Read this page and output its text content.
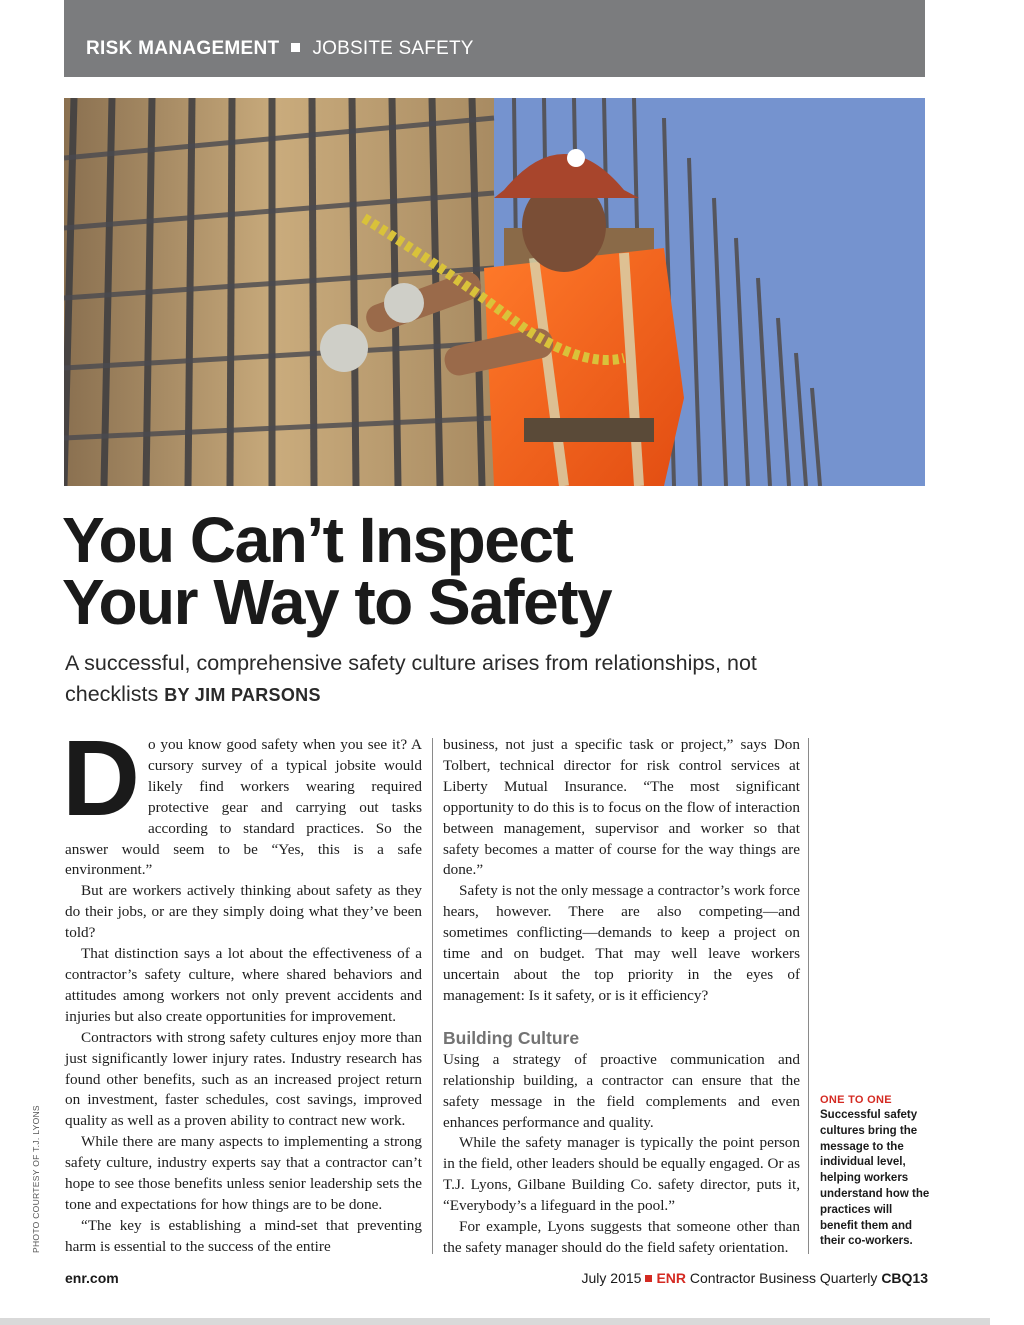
RISK MANAGEMENT JOBSITE SAFETY
You Can’t Inspect
Your Way to Safety

A successful, comprehensive safety culture arises from relationships, not checklists BY JIM PARSONS

Do you know good safety when you see it? A cursory survey of a typical jobsite would likely find workers wearing required protective gear and carrying out tasks according to standard practices. So the answer would seem to be “Yes, this is a safe environment.”

But are workers actively thinking about safety as they do their jobs, or are they simply doing what they’ve been told?

That distinction says a lot about the effectiveness of a contractor’s safety culture, where shared behaviors and attitudes among workers not only prevent accidents and injuries but also create opportunities for improvement.

Contractors with strong safety cultures enjoy more than just significantly lower injury rates. Industry research has found other benefits, such as an increased project return on investment, faster schedules, cost savings, improved quality as well as a proven ability to contract new work.

While there are many aspects to implementing a strong safety culture, industry experts say that a contractor can’t hope to see those benefits unless senior leadership sets the tone and expectations for how things are to be done.

“The key is establishing a mind-set that preventing harm is essential to the success of the entire

business, not just a specific task or project,” says Don Tolbert, technical director for risk control services at Liberty Mutual Insurance. “The most significant opportunity to do this is to focus on the flow of interaction between management, supervisor and worker so that safety becomes a matter of course for the way things are done.”

Safety is not the only message a contractor’s work force hears, however. There are also competing—and sometimes conflicting—demands to keep a project on time and on budget. That may well leave workers uncertain about the top priority in the eyes of management: Is it safety, or is it efficiency?

Building Culture

Using a strategy of proactive communication and relationship building, a contractor can ensure that the safety message in the field complements and even enhances performance and quality.

While the safety manager is typically the point person in the field, other leaders should be equally engaged. Or as T.J. Lyons, Gilbane Building Co. safety director, puts it, “Everybody’s a lifeguard in the pool.”

For example, Lyons suggests that someone other than the safety manager should do the field safety orientation.

ONE TO ONE
Successful safety cultures bring the message to the individual level, helping workers understand how the practices will benefit them and their co-workers.
PHOTO COURTESY OF T.J. LYONS
enr.com	July 2015 ENR Contractor Business Quarterly CBQ13
